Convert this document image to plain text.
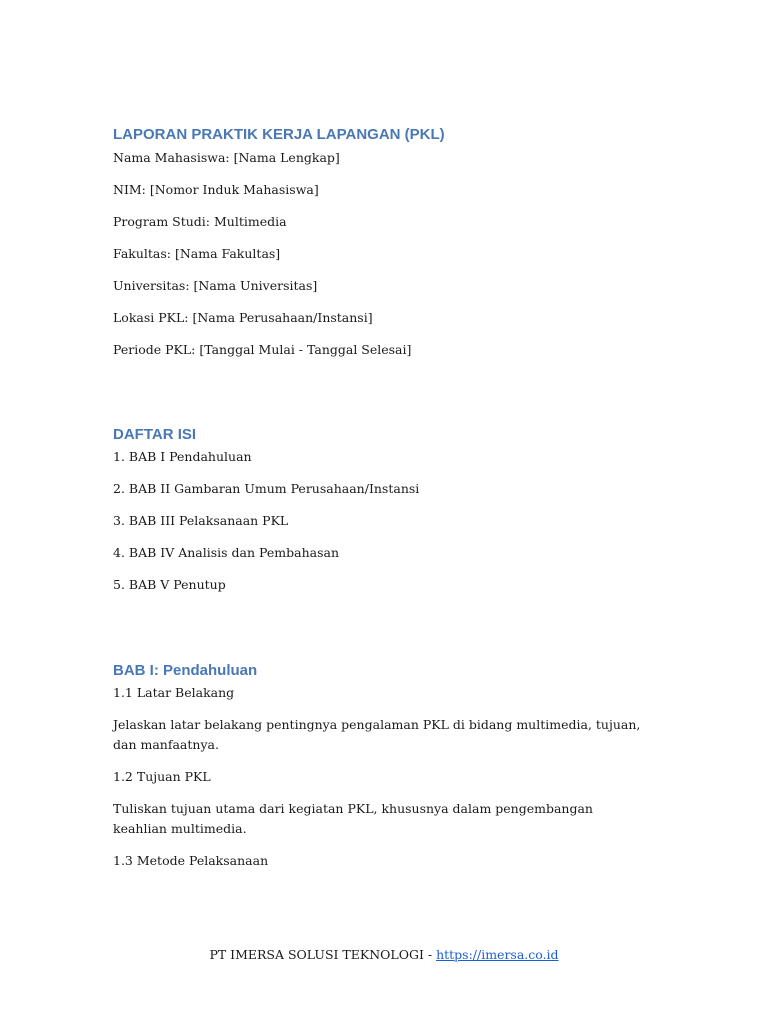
LAPORAN PRAKTIK KERJA LAPANGAN (PKL)

Nama Mahasiswa: [Nama Lengkap]

NIM: [Nomor Induk Mahasiswa]

Program Studi: Multimedia

Fakultas: [Nama Fakultas]

Universitas: [Nama Universitas]

Lokasi PKL: [Nama Perusahaan/Instansi]

Periode PKL: [Tanggal Mulai - Tanggal Selesai]

DAFTAR ISI

1. BAB I Pendahuluan

2. BAB II Gambaran Umum Perusahaan/Instansi

3. BAB III Pelaksanaan PKL

4. BAB IV Analisis dan Pembahasan

5. BAB V Penutup

BAB I: Pendahuluan

1.1 Latar Belakang

Jelaskan latar belakang pentingnya pengalaman PKL di bidang multimedia, tujuan, dan manfaatnya.

1.2 Tujuan PKL

Tuliskan tujuan utama dari kegiatan PKL, khususnya dalam pengembangan keahlian multimedia.

1.3 Metode Pelaksanaan

PT IMERSA SOLUSI TEKNOLOGI - https://imersa.co.id
